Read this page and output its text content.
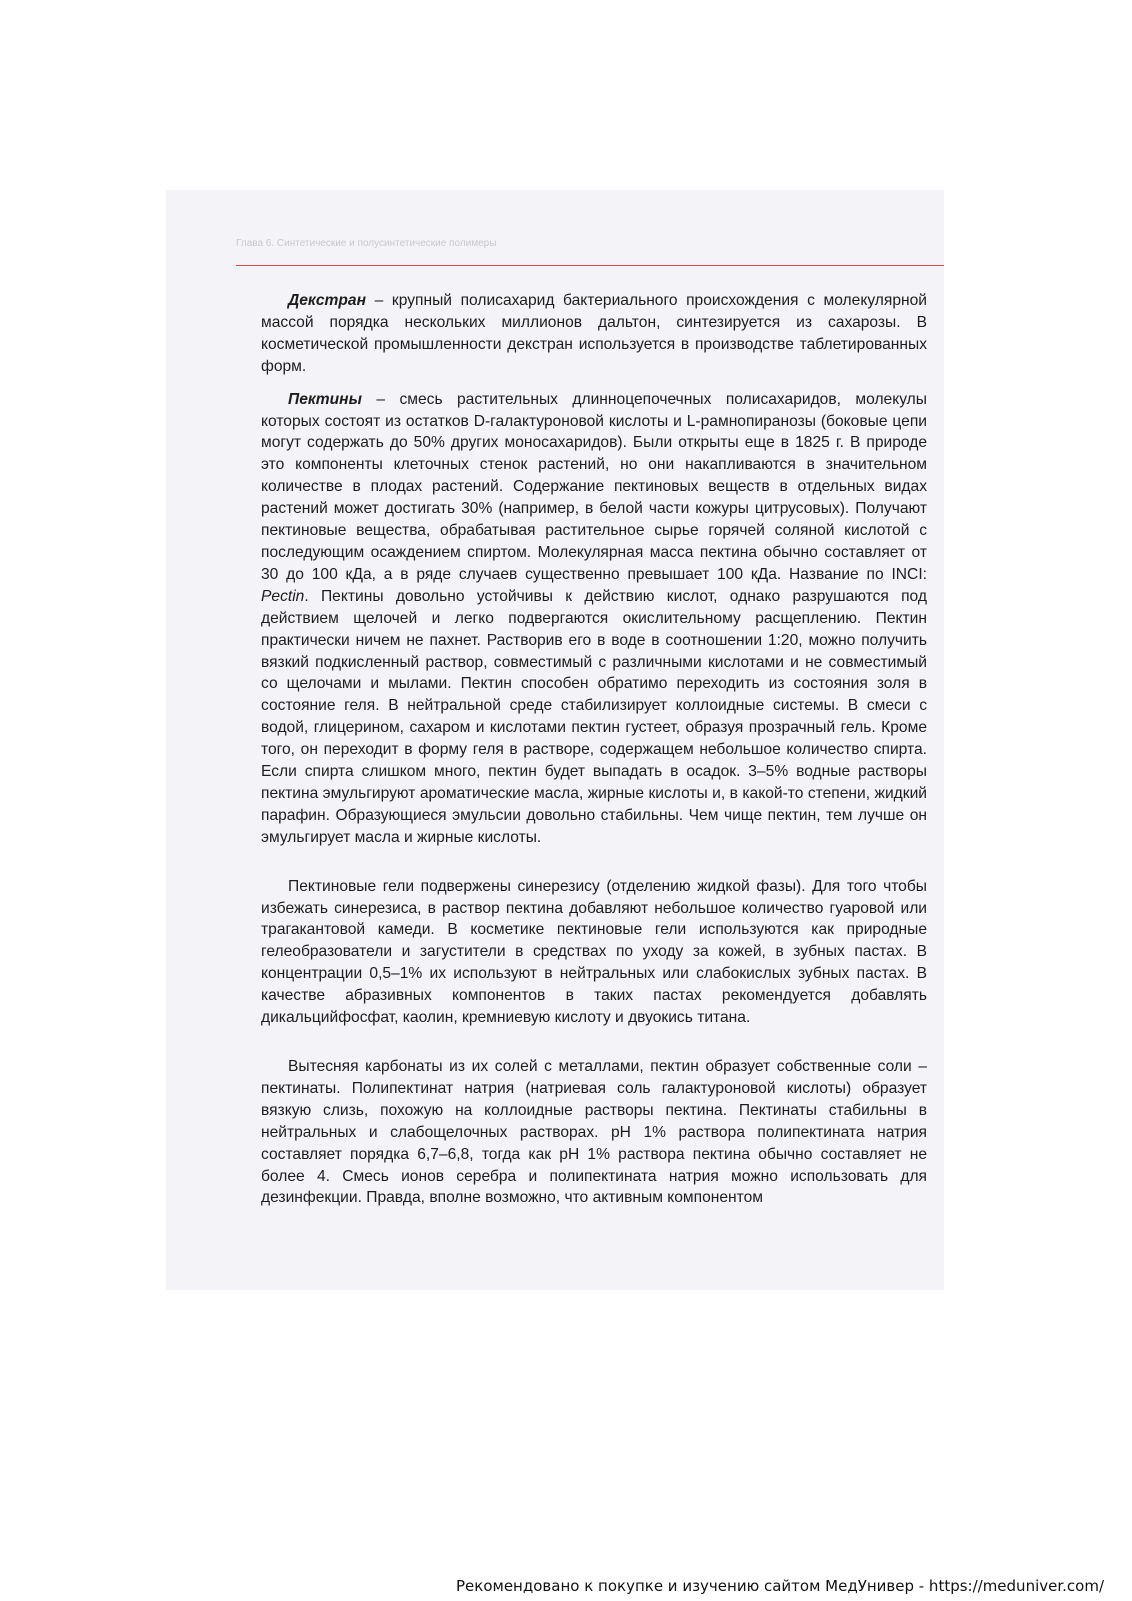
Глава 6. Синтетические и полусинтетические полимеры

Декстран – крупный полисахарид бактериального происхождения с молекулярной массой порядка нескольких миллионов дальтон, синтезируется из сахарозы. В косметической промышленности декстран используется в производстве таблетированных форм.

Пектины – смесь растительных длинноцепочечных полисахаридов, молекулы которых состоят из остатков D-галактуроновой кислоты и L-рамнопиранозы (боковые цепи могут содержать до 50% других моносахаридов). Были открыты еще в 1825 г. В природе это компоненты клеточных стенок растений, но они накапливаются в значительном количестве в плодах растений. Содержание пектиновых веществ в отдельных видах растений может достигать 30% (например, в белой части кожуры цитрусовых). Получают пектиновые вещества, обрабатывая растительное сырье горячей соляной кислотой с последующим осаждением спиртом. Молекулярная масса пектина обычно составляет от 30 до 100 кДа, а в ряде случаев существенно превышает 100 кДа. Название по INCI: Pectin. Пектины довольно устойчивы к действию кислот, однако разрушаются под действием щелочей и легко подвергаются окислительному расщеплению. Пектин практически ничем не пахнет. Растворив его в воде в соотношении 1:20, можно получить вязкий подкисленный раствор, совместимый с различными кислотами и не совместимый со щелочами и мылами. Пектин способен обратимо переходить из состояния золя в состояние геля. В нейтральной среде стабилизирует коллоидные системы. В смеси с водой, глицерином, сахаром и кислотами пектин густеет, образуя прозрачный гель. Кроме того, он переходит в форму геля в растворе, содержащем небольшое количество спирта. Если спирта слишком много, пектин будет выпадать в осадок. 3–5% водные растворы пектина эмульгируют ароматические масла, жирные кислоты и, в какой-то степени, жидкий парафин. Образующиеся эмульсии довольно стабильны. Чем чище пектин, тем лучше он эмульгирует масла и жирные кислоты.

Пектиновые гели подвержены синерезису (отделению жидкой фазы). Для того чтобы избежать синерезиса, в раствор пектина добавляют небольшое количество гуаровой или трагакантовой камеди. В косметике пектиновые гели используются как природные гелеобразователи и загустители в средствах по уходу за кожей, в зубных пастах. В концентрации 0,5–1% их используют в нейтральных или слабокислых зубных пастах. В качестве абразивных компонентов в таких пастах рекомендуется добавлять дикальцийфосфат, каолин, кремниевую кислоту и двуокись титана.

Вытесняя карбонаты из их солей с металлами, пектин образует собственные соли – пектинаты. Полипектинат натрия (натриевая соль галактуроновой кислоты) образует вязкую слизь, похожую на коллоидные растворы пектина. Пектинаты стабильны в нейтральных и слабощелочных растворах. pH 1% раствора полипектината натрия составляет порядка 6,7–6,8, тогда как pH 1% раствора пектина обычно составляет не более 4. Смесь ионов серебра и полипектината натрия можно использовать для дезинфекции. Правда, вполне возможно, что активным компонентом

Рекомендовано к покупке и изучению сайтом МедУнивер - https://meduniver.com/
